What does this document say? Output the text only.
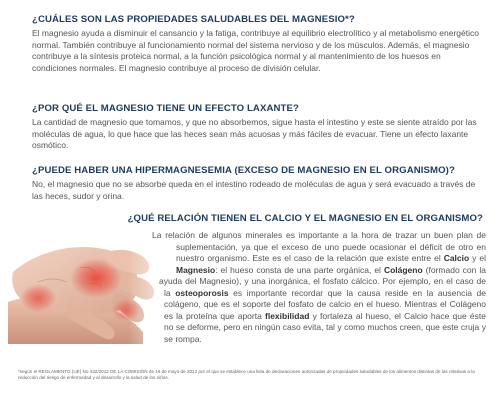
¿CUÁLES SON LAS PROPIEDADES SALUDABLES DEL MAGNESIO*?
El magnesio ayuda a disminuir el cansancio y la fatiga, contribuye al equilibrio electrolítico y al metabolismo energético normal. También contribuye al funcionamiento normal del sistema nervioso y de los músculos. Además, el magnesio contribuye a la síntesis proteica normal, a la función psicológica normal y al mantenimiento de los huesos en condiciones normales. El magnesio contribuye al proceso de división celular.
¿POR QUÉ EL MAGNESIO TIENE UN EFECTO LAXANTE?
La cantidad de magnesio que tomamos, y que no absorbemos, sigue hasta el intestino y este se siente atraído por las moléculas de agua, lo que hace que las heces sean más acuosas y más fáciles de evacuar. Tiene un efecto laxante osmótico.
¿PUEDE HABER UNA HIPERMAGNESEMIA (EXCESO DE MAGNESIO EN EL ORGANISMO)?
No, el magnesio que no se absorbe queda en el intestino rodeado de moléculas de agua y será evacuado a través de las heces, sudor y orina.
¿QUÉ RELACIÓN TIENEN EL CALCIO Y EL MAGNESIO EN EL ORGANISMO?
La relación de algunos minerales es importante a la hora de trazar un buen plan de suplementación, ya que el exceso de uno puede ocasionar el déficit de otro en nuestro organismo. Este es el caso de la relación que existe entre el Calcio y el Magnesio: el hueso consta de una parte orgánica, el Colágeno (formado con la ayuda del Magnesio), y una inorgánica, el fosfato cálcico. Por ejemplo, en el caso de la osteoporosis es importante recordar que la causa reside en la ausencia de colágeno, que es el soporte del fosfato de calcio en el hueso. Mientras el Colágeno es la proteína que aporta flexibilidad y fortaleza al hueso, el Calcio hace que éste no se deforme, pero en ningún caso evita, tal y como muchos creen, que este cruja y se rompa.
*según el REGLAMENTO (UE) No 432/2012 DE LA COMISIÓN de 16 de mayo de 2012 por el que se establece una lista de declaraciones autorizadas de propiedades saludables de los alimentos distintas de las relativas a la reducción del riesgo de enfermedad y al desarrollo y la salud de los niños.
